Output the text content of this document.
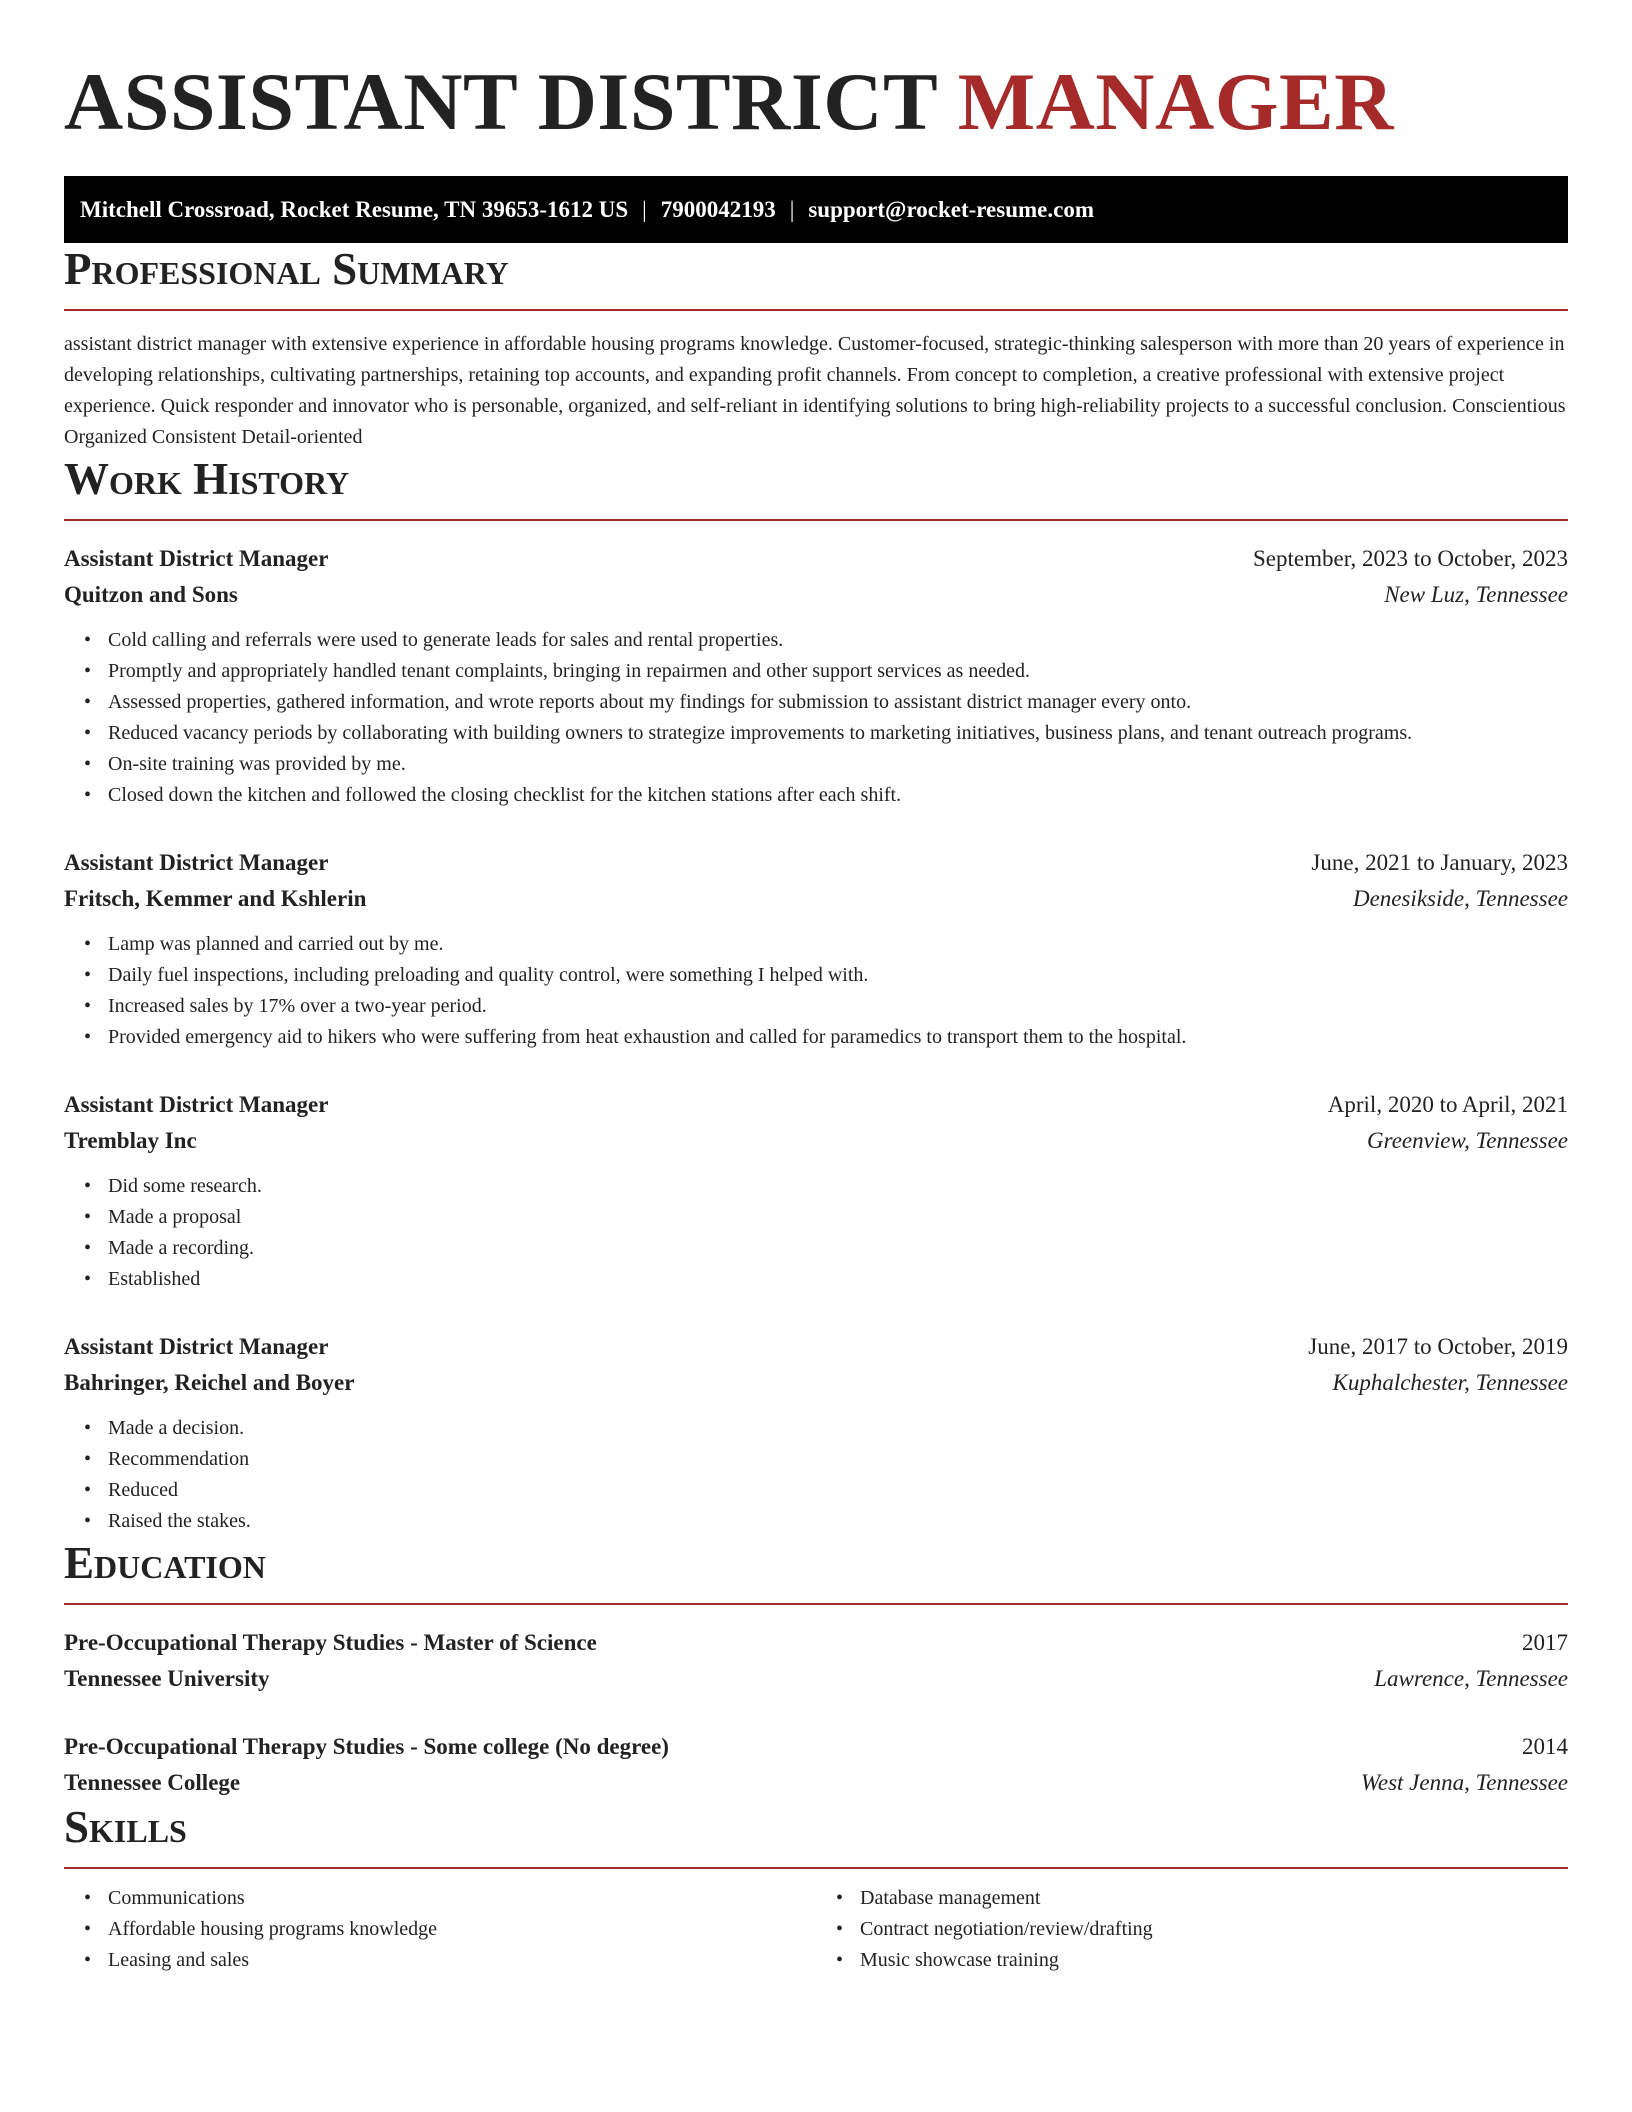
ASSISTANT DISTRICT MANAGER
Mitchell Crossroad, Rocket Resume, TN 39653-1612 US | 7900042193 | support@rocket-resume.com
Professional Summary

assistant district manager with extensive experience in affordable housing programs knowledge. Customer-focused, strategic-thinking salesperson with more than 20 years of experience in developing relationships, cultivating partnerships, retaining top accounts, and expanding profit channels. From concept to completion, a creative professional with extensive project experience. Quick responder and innovator who is personable, organized, and self-reliant in identifying solutions to bring high-reliability projects to a successful conclusion. Conscientious Organized Consistent Detail-oriented

Work History
Assistant District Manager	September, 2023 to October, 2023
Quitzon and Sons	New Luz, Tennessee
• Cold calling and referrals were used to generate leads for sales and rental properties.
• Promptly and appropriately handled tenant complaints, bringing in repairmen and other support services as needed.
• Assessed properties, gathered information, and wrote reports about my findings for submission to assistant district manager every onto.
• Reduced vacancy periods by collaborating with building owners to strategize improvements to marketing initiatives, business plans, and tenant outreach programs.
• On-site training was provided by me.
• Closed down the kitchen and followed the closing checklist for the kitchen stations after each shift.
Assistant District Manager	June, 2021 to January, 2023
Fritsch, Kemmer and Kshlerin	Denesikside, Tennessee
• Lamp was planned and carried out by me.
• Daily fuel inspections, including preloading and quality control, were something I helped with.
• Increased sales by 17% over a two-year period.
• Provided emergency aid to hikers who were suffering from heat exhaustion and called for paramedics to transport them to the hospital.
Assistant District Manager	April, 2020 to April, 2021
Tremblay Inc	Greenview, Tennessee
• Did some research.
• Made a proposal
• Made a recording.
• Established
Assistant District Manager	June, 2017 to October, 2019
Bahringer, Reichel and Boyer	Kuphalchester, Tennessee
• Made a decision.
• Recommendation
• Reduced
• Raised the stakes.
Education
Pre-Occupational Therapy Studies - Master of Science	2017
Tennessee University	Lawrence, Tennessee
Pre-Occupational Therapy Studies - Some college (No degree)	2014
Tennessee College	West Jenna, Tennessee
Skills
• Communications
• Affordable housing programs knowledge
• Leasing and sales
• Database management
• Contract negotiation/review/drafting
• Music showcase training
